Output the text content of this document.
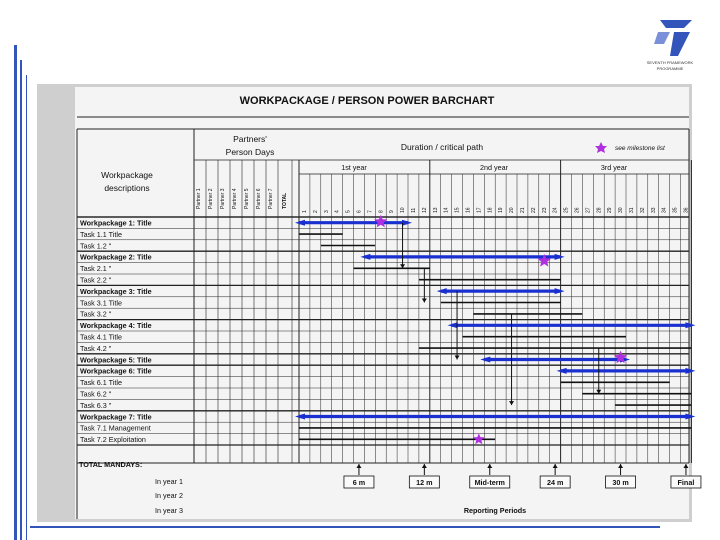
SEVENTH FRAMEWORK
PROGRAMME
WORKPACKAGE / PERSON POWER BARCHART
Partners'
Person Days	Duration / critical path	see milestone list
Workpackage
descriptions
1st year	2nd year	3rd year
Partner 1 Partner 2 Partner 3 Partner 4 Partner 5 Partner 6 Partner 7 TOTAL
1 2 3 4 5 6 7 8 9 10 11 12 13 14 15 16 17 18 19 20 21 22 23 24 25 26 27 28 29 30 31 32 33 34 35 36
Workpackage 1: Title
Task 1.1 Title
Task 1.2 "
Workpackage 2: Title
Task 2.1 "
Task 2.2 "
Workpackage 3: Title
Task 3.1 Title
Task 3.2 "
Workpackage 4: Title
Task 4.1 Title
Task 4.2 "
Workpackage 5: Title
Workpackage 6: Title
Task 6.1 Title
Task 6.2 "
Task 6.3 "
Workpackage 7: Title
Task 7.1 Management
Task 7.2 Exploitation
TOTAL MANDAYS:
In year 1
In year 2
In year 3
6 m	12 m	Mid-term	24 m	30 m	Final
Reporting Periods
